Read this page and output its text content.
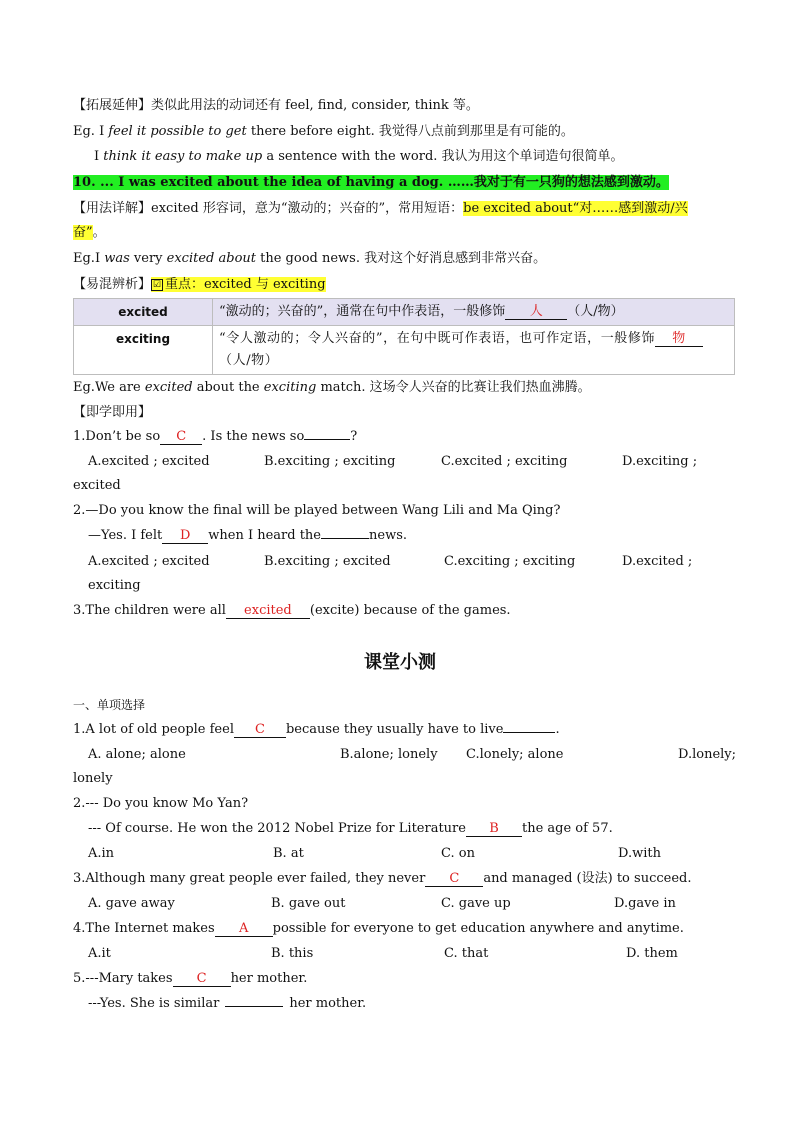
【拓展延伸】类似此用法的动词还有 feel, find, consider, think 等。
Eg. I feel it possible to get there before eight. 我觉得八点前到那里是有可能的。
I think it easy to make up a sentence with the word. 我认为用这个单词造句很简单。
10. ... I was excited about the idea of having a dog. ……我对于有一只狗的想法感到激动。
【用法详解】excited 形容词，意为“激动的；兴奋的”，常用短语：be excited about“对……感到激动/兴
奋”。
Eg.I was very excited about the good news. 我对这个好消息感到非常兴奋。
【易混辨析】 ☑ 重点：excited 与 exciting
excited	“激动的；兴奋的”，通常在句中作表语，一般修饰 人 （人/物）
exciting	“令人激动的；令人兴奋的”，在句中既可作表语，也可作定语，一般修饰 物
（人/物）
Eg.We are excited about the exciting match. 这场令人兴奋的比赛让我们热血沸腾。
【即学即用】
1.Don’t be so C . Is the news so	?
A.excited ; excited	B.exciting ; exciting	C.excited ; exciting	D.exciting ;
excited
2.—Do you know the final will be played between Wang Lili and Ma Qing?
—Yes. I felt D when I heard the	news.
A.excited ; excited	B.exciting ; excited	C.exciting ; exciting	D.excited ;
exciting
3.The children were all excited (excite) because of the games.
课堂小测
一、单项选择
1.A lot of old people feel C because they usually have to live	.
A. alone; alone	B.alone; lonely C.lonely; alone	D.lonely;
lonely
2.--- Do you know Mo Yan?
--- Of course. He won the 2012 Nobel Prize for Literature B the age of 57.
A.in	B. at	C. on	D.with
3.Although many great people ever failed, they never C and managed (设法) to succeed.
A. gave away	B. gave out	C. gave up	D.gave in
4.The Internet makes A possible for everyone to get education anywhere and anytime.
A.it	B. this	C. that	D. them
5.---Mary takes C her mother.
---Yes. She is similar	her mother.
